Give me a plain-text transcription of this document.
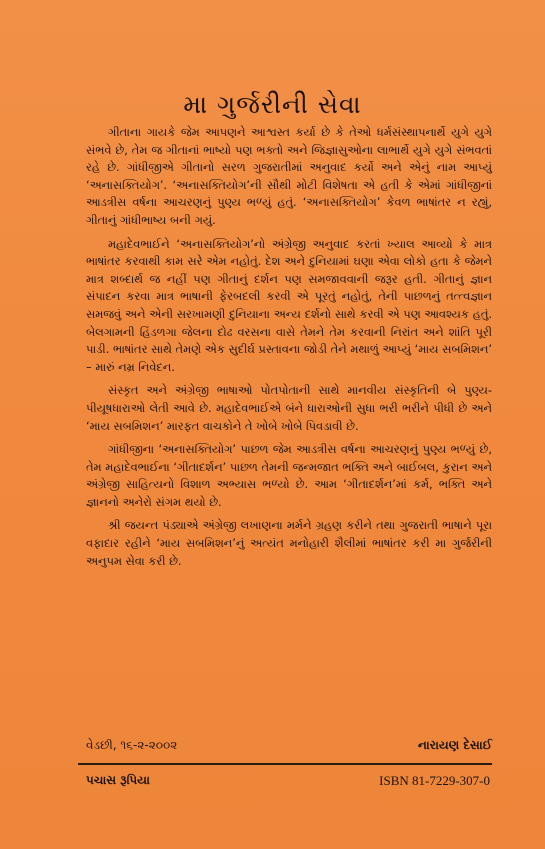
મા ગુર્જરીની સેવા

ગીતાના ગાયકે જેમ આપણને આશ્વસ્ત કર્યા છે કે તેઓ ધર્મસંસ્થાપનાર્થે યુગે યુગે સંભવે છે, તેમ જ ગીતાનાં ભાષ્યો પણ ભક્તો અને જિજ્ઞાસુઓના લાભાર્થે યુગે યુગે સંભવતાં રહે છે. ગાંધીજીએ ગીતાનો સરળ ગુજરાતીમાં અનુવાદ કર્યો અને એનું નામ આપ્યું ‘અનાસક્તિયોગ’. ‘અનાસક્તિયોગ’ની સૌથી મોટી વિશેષતા એ હતી કે એમાં ગાંધીજીનાં આડત્રીસ વર્ષના આચરણનું પુણ્ય ભળ્યું હતું. ‘અનાસક્તિયોગ’ કેવળ ભાષાંતર ન રહ્યું, ગીતાનું ગાંધીભાષ્ય બની ગયું.

મહાદેવભાઈને ‘અનાસક્તિયોગ’નો અંગ્રેજી અનુવાદ કરતાં ખ્યાલ આવ્યો કે માત્ર ભાષાંતર કરવાથી કામ સરે એમ નહોતું. દેશ અને દુનિયામાં ઘણા એવા લોકો હતા કે જેમને માત્ર શબ્દાર્થ જ નહીં પણ ગીતાનું દર્શન પણ સમજાવવાની જરૂર હતી. ગીતાનું જ્ઞાન સંપાદન કરવા માત્ર ભાષાની ફેરબદલી કરવી એ પૂરતું નહોતું, તેની પાછળનું તત્ત્વજ્ઞાન સમજવું અને એની સરખામણી દુનિયાના અન્ય દર્શનો સાથે કરવી એ પણ આવશ્યક હતું. બેલગામની હિંડળગા જેલના દોઢ વરસના વાસે તેમને તેમ કરવાની નિરાંત અને શાંતિ પૂરી પાડી. ભાષાંતર સાથે તેમણે એક સુદીર્ઘ પ્રસ્તાવના જોડી તેને મથાળું આપ્યું ‘માય સબમિશન’ – મારું નમ્ર નિવેદન.

સંસ્કૃત અને અંગ્રેજી ભાષાઓ પોતપોતાની સાથે માનવીય સંસ્કૃતિની બે પુણ્ય-પીયૂષધારાઓ લેતી આવે છે. મહાદેવભાઈએ બંને ધારાઓની સુધા ભરી ભરીને પીધી છે અને ‘માય સબમિશન’ મારફત વાચકોને તે ખોબે ખોબે પિવડાવી છે.

ગાંધીજીના ‘અનાસક્તિયોગ’ પાછળ જેમ આડત્રીસ વર્ષના આચરણનું પુણ્ય ભળ્યું છે, તેમ મહાદેવભાઈના ‘ગીતાદર્શન’ પાછળ તેમની જન્મજાત ભક્તિ અને બાઈબલ, કુરાન અને અંગ્રેજી સાહિત્યનો વિશાળ અભ્યાસ ભળ્યો છે. આમ ‘ગીતાદર્શન’માં કર્મ, ભક્તિ અને જ્ઞાનનો અનેરો સંગમ થયો છે.

શ્રી જયન્ત પંડ્યાએ અંગ્રેજી લખાણના મર્મને ગ્રહણ કરીને તથા ગુજરાતી ભાષાને પૂરા વફાદાર રહીને ‘માય સબમિશન’નું અત્યંત મનોહારી શૈલીમાં ભાષાંતર કરી મા ગુર્જરીની અનુપમ સેવા કરી છે.

વેડછી, ૧૬-૨-૨૦૦૨	નારાયણ દેસાઈ
પચાસ રૂપિયા	ISBN 81-7229-307-0
